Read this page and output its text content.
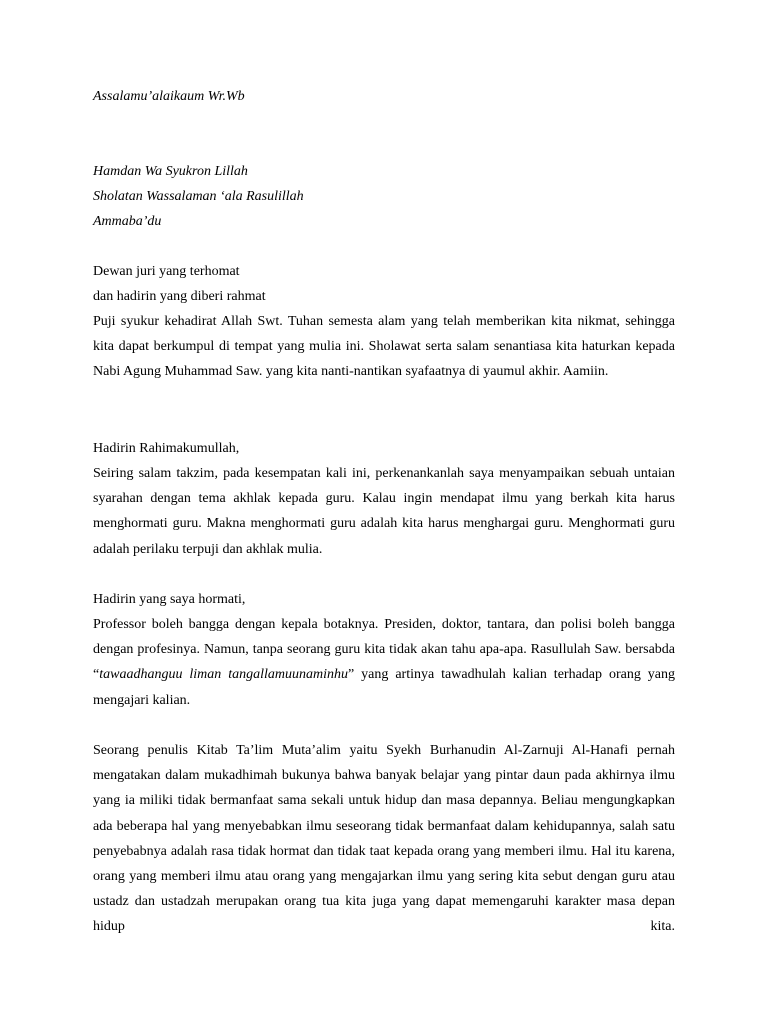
Assalamu’alaikaum Wr.Wb

Hamdan Wa Syukron Lillah

Sholatan Wassalaman ‘ala Rasulillah

Ammaba’du

Dewan juri yang terhomat

dan hadirin yang diberi rahmat

Puji syukur kehadirat Allah Swt. Tuhan semesta alam yang telah memberikan kita nikmat, sehingga kita dapat berkumpul di tempat yang mulia ini. Sholawat serta salam senantiasa kita haturkan kepada Nabi Agung Muhammad Saw. yang kita nanti-nantikan syafaatnya di yaumul akhir. Aamiin.

Hadirin Rahimakumullah,

Seiring salam takzim, pada kesempatan kali ini, perkenankanlah saya menyampaikan sebuah untaian syarahan dengan tema akhlak kepada guru. Kalau ingin mendapat ilmu yang berkah kita harus menghormati guru. Makna menghormati guru adalah kita harus menghargai guru. Menghormati guru adalah perilaku terpuji dan akhlak mulia.

Hadirin yang saya hormati,

Professor boleh bangga dengan kepala botaknya. Presiden, doktor, tantara, dan polisi boleh bangga dengan profesinya. Namun, tanpa seorang guru kita tidak akan tahu apa-apa. Rasullulah Saw. bersabda “tawaadhanguu liman tangallamuunaminhu” yang artinya tawadhulah kalian terhadap orang yang mengajari kalian.

Seorang penulis Kitab Ta’lim Muta’alim yaitu Syekh Burhanudin Al-Zarnuji Al-Hanafi pernah mengatakan dalam mukadhimah bukunya bahwa banyak belajar yang pintar daun pada akhirnya ilmu yang ia miliki tidak bermanfaat sama sekali untuk hidup dan masa depannya. Beliau mengungkapkan ada beberapa hal yang menyebabkan ilmu seseorang tidak bermanfaat dalam kehidupannya, salah satu penyebabnya adalah rasa tidak hormat dan tidak taat kepada orang yang memberi ilmu. Hal itu karena, orang yang memberi ilmu atau orang yang mengajarkan ilmu yang sering kita sebut dengan guru atau ustadz dan ustadzah merupakan orang tua kita juga yang dapat memengaruhi karakter masa depan hidup kita.
